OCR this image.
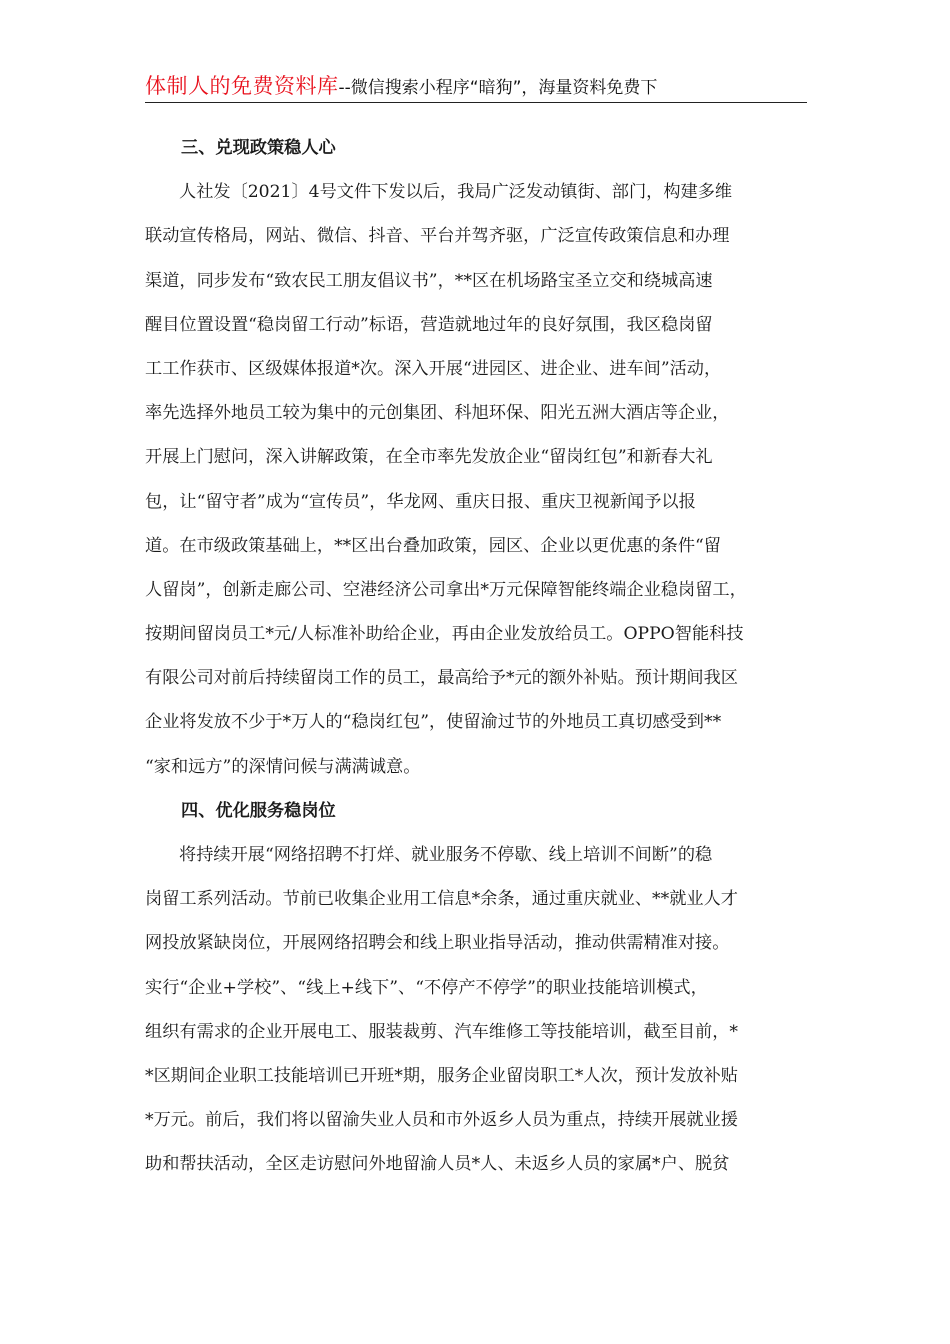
体制人的免费资料库--微信搜索小程序“暗狗”，海量资料免费下
三、兑现政策稳人心
人社发〔2021〕4号文件下发以后，我局广泛发动镇街、部门，构建多维
联动宣传格局，网站、微信、抖音、平台并驾齐驱，广泛宣传政策信息和办理
渠道，同步发布“致农民工朋友倡议书”，**区在机场路宝圣立交和绕城高速
醒目位置设置“稳岗留工行动”标语，营造就地过年的良好氛围，我区稳岗留
工工作获市、区级媒体报道*次。深入开展“进园区、进企业、进车间”活动，
率先选择外地员工较为集中的元创集团、科旭环保、阳光五洲大酒店等企业，
开展上门慰问，深入讲解政策，在全市率先发放企业“留岗红包”和新春大礼
包，让“留守者”成为“宣传员”，华龙网、重庆日报、重庆卫视新闻予以报
道。在市级政策基础上，**区出台叠加政策，园区、企业以更优惠的条件“留
人留岗”，创新走廊公司、空港经济公司拿出*万元保障智能终端企业稳岗留工，
按期间留岗员工*元/人标准补助给企业，再由企业发放给员工。OPPO智能科技
有限公司对前后持续留岗工作的员工，最高给予*元的额外补贴。预计期间我区
企业将发放不少于*万人的“稳岗红包”，使留渝过节的外地员工真切感受到**
“家和远方”的深情问候与满满诚意。
四、优化服务稳岗位
将持续开展“网络招聘不打烊、就业服务不停歇、线上培训不间断”的稳
岗留工系列活动。节前已收集企业用工信息*余条，通过重庆就业、**就业人才
网投放紧缺岗位，开展网络招聘会和线上职业指导活动，推动供需精准对接。
实行“企业+学校”、“线上+线下”、“不停产不停学”的职业技能培训模式，
组织有需求的企业开展电工、服装裁剪、汽车维修工等技能培训，截至目前，*
*区期间企业职工技能培训已开班*期，服务企业留岗职工*人次，预计发放补贴
*万元。前后，我们将以留渝失业人员和市外返乡人员为重点，持续开展就业援
助和帮扶活动，全区走访慰问外地留渝人员*人、未返乡人员的家属*户、脱贫
